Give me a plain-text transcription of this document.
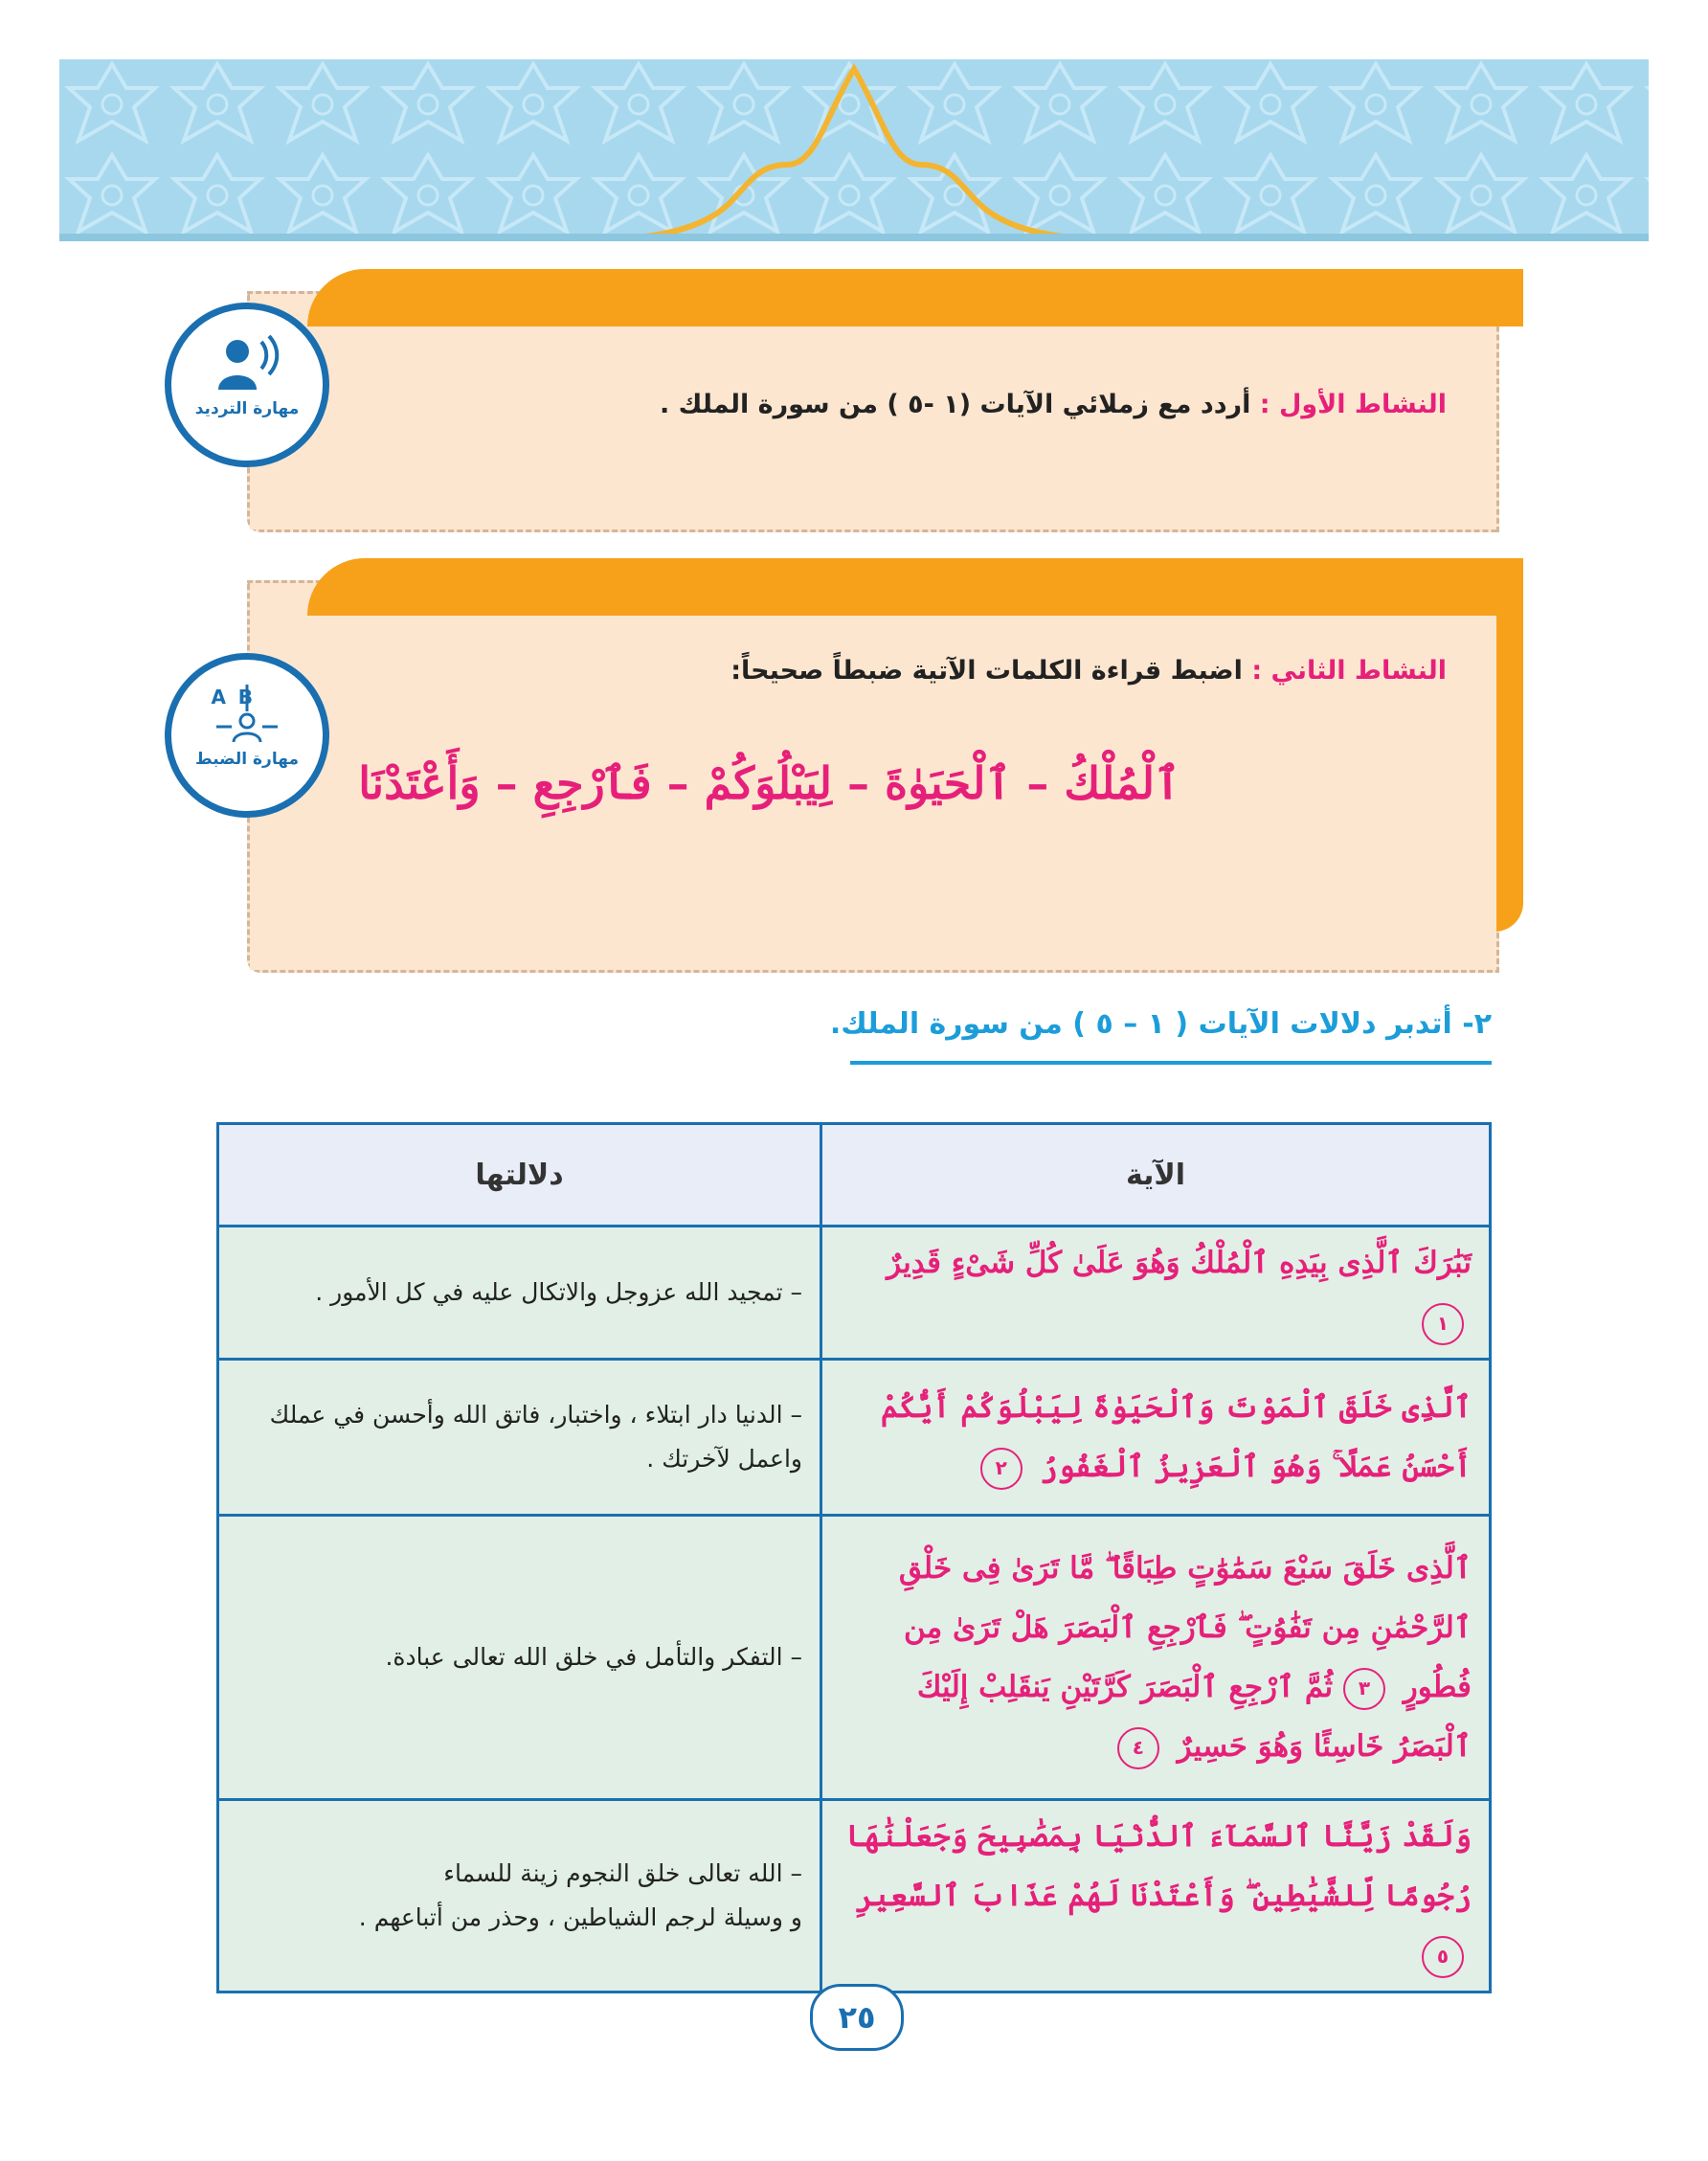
النشاط الأول : أردد مع زملائي الآيات (١ -٥ ) من سورة الملك .
مهارة الترديد
النشاط الثاني : اضبط قراءة الكلمات الآتية ضبطاً صحيحاً:
ٱلْمُلْكُ – ٱلْحَيَوٰةَ – لِيَبْلُوَكُمْ – فَٱرْجِعِ – وَأَعْتَدْنَا
A B
مهارة الضبط
٢- أتدبر دلالات الآيات ( ١ – ٥ ) من سورة الملك.
الآية	دلالتها
تَبَٰرَكَ ٱلَّذِى بِيَدِهِ ٱلْمُلْكُ وَهُوَ عَلَىٰ كُلِّ شَىْءٍ قَدِيرٌ ١	– تمجيد الله عزوجل والاتكال عليه في كل الأمور .
ٱلَّذِى خَلَقَ ٱلْمَوْتَ وَٱلْحَيَوٰةَ لِيَبْلُوَكُمْ أَيُّكُمْ أَحْسَنُ عَمَلًا ۚ وَهُوَ ٱلْعَزِيزُ ٱلْغَفُورُ ٢	– الدنيا دار ابتلاء ، واختبار، فاتق الله وأحسن في عملك واعمل لآخرتك .
ٱلَّذِى خَلَقَ سَبْعَ سَمَٰوَٰتٍ طِبَاقًا ۖ مَّا تَرَىٰ فِى خَلْقِ ٱلرَّحْمَٰنِ مِن تَفَٰوُتٍ ۖ فَٱرْجِعِ ٱلْبَصَرَ هَلْ تَرَىٰ مِن فُطُورٍ ٣ ثُمَّ ٱرْجِعِ ٱلْبَصَرَ كَرَّتَيْنِ يَنقَلِبْ إِلَيْكَ ٱلْبَصَرُ خَاسِئًا وَهُوَ حَسِيرٌ ٤	– التفكر والتأمل في خلق الله تعالى عبادة.
وَلَقَدْ زَيَّنَّا ٱلسَّمَآءَ ٱلدُّنْيَا بِمَصَٰبِيحَ وَجَعَلْنَٰهَا رُجُومًا لِّلشَّيَٰطِينِ ۖ وَأَعْتَدْنَا لَهُمْ عَذَابَ ٱلسَّعِيرِ ٥	– الله تعالى خلق النجوم زينة للسماء
و وسيلة لرجم الشياطين ، وحذر من أتباعهم .
٢٥
